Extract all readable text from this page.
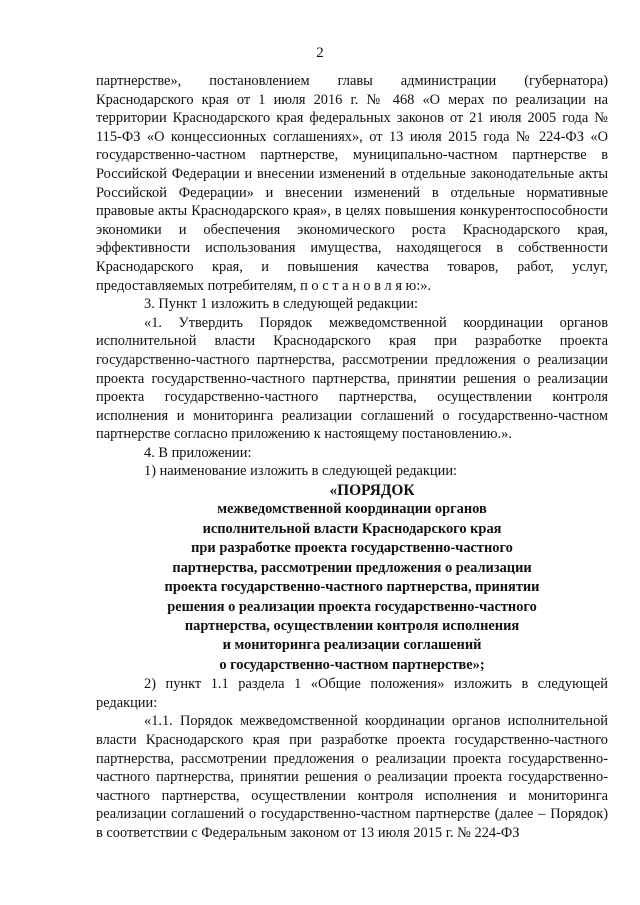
2

партнерстве», постановлением главы администрации (губернатора) Краснодарского края от 1 июля 2016 г. № 468 «О мерах по реализации на территории Краснодарского края федеральных законов от 21 июля 2005 года № 115-ФЗ «О концессионных соглашениях», от 13 июля 2015 года № 224-ФЗ «О государственно-частном партнерстве, муниципально-частном партнерстве в Российской Федерации и внесении изменений в отдельные законодательные акты Российской Федерации» и внесении изменений в отдельные нормативные правовые акты Краснодарского края», в целях повышения конкурентоспособности экономики и обеспечения экономического роста Краснодарского края, эффективности использования имущества, находящегося в собственности Краснодарского края, и повышения качества товаров, работ, услуг, предоставляемых потребителям, п о с т а н о в л я ю:».

3. Пункт 1 изложить в следующей редакции:

«1. Утвердить Порядок межведомственной координации органов исполнительной власти Краснодарского края при разработке проекта государственно-частного партнерства, рассмотрении предложения о реализации проекта государственно-частного партнерства, принятии решения о реализации проекта государственно-частного партнерства, осуществлении контроля исполнения и мониторинга реализации соглашений о государственно-частном партнерстве согласно приложению к настоящему постановлению.».

4. В приложении:

1) наименование изложить в следующей редакции:

«ПОРЯДОК

межведомственной координации органов

исполнительной власти Краснодарского края

при разработке проекта государственно-частного

партнерства, рассмотрении предложения о реализации

проекта государственно-частного партнерства, принятии

решения о реализации проекта государственно-частного

партнерства, осуществлении контроля исполнения

и мониторинга реализации соглашений

о государственно-частном партнерстве»;

2) пункт 1.1 раздела 1 «Общие положения» изложить в следующей редакции:

«1.1. Порядок межведомственной координации органов исполнительной власти Краснодарского края при разработке проекта государственно-частного партнерства, рассмотрении предложения о реализации проекта государственно-частного партнерства, принятии решения о реализации проекта государственно-частного партнерства, осуществлении контроля исполнения и мониторинга реализации соглашений о государственно-частном партнерстве (далее – Порядок) в соответствии с Федеральным законом от 13 июля 2015 г. № 224-ФЗ
